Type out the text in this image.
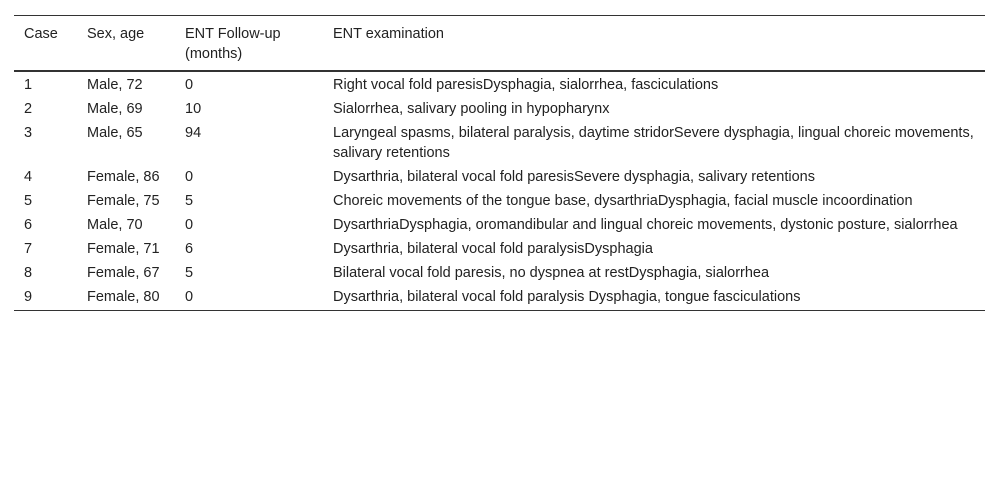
Case	Sex, age	ENT Follow-up (months)	ENT examination
1	Male, 72	0	Right vocal fold paresisDysphagia, sialorrhea, fasciculations
2	Male, 69	10	Sialorrhea, salivary pooling in hypopharynx
3	Male, 65	94	Laryngeal spasms, bilateral paralysis, daytime stridorSevere dysphagia, lingual choreic movements, salivary retentions
4	Female, 86	0	Dysarthria, bilateral vocal fold paresisSevere dysphagia, salivary retentions
5	Female, 75	5	Choreic movements of the tongue base, dysarthriaDysphagia, facial muscle incoordination
6	Male, 70	0	DysarthriaDysphagia, oromandibular and lingual choreic movements, dystonic posture, sialorrhea
7	Female, 71	6	Dysarthria, bilateral vocal fold paralysisDysphagia
8	Female, 67	5	Bilateral vocal fold paresis, no dyspnea at restDysphagia, sialorrhea
9	Female, 80	0	Dysarthria, bilateral vocal fold paralysis Dysphagia, tongue fasciculations
